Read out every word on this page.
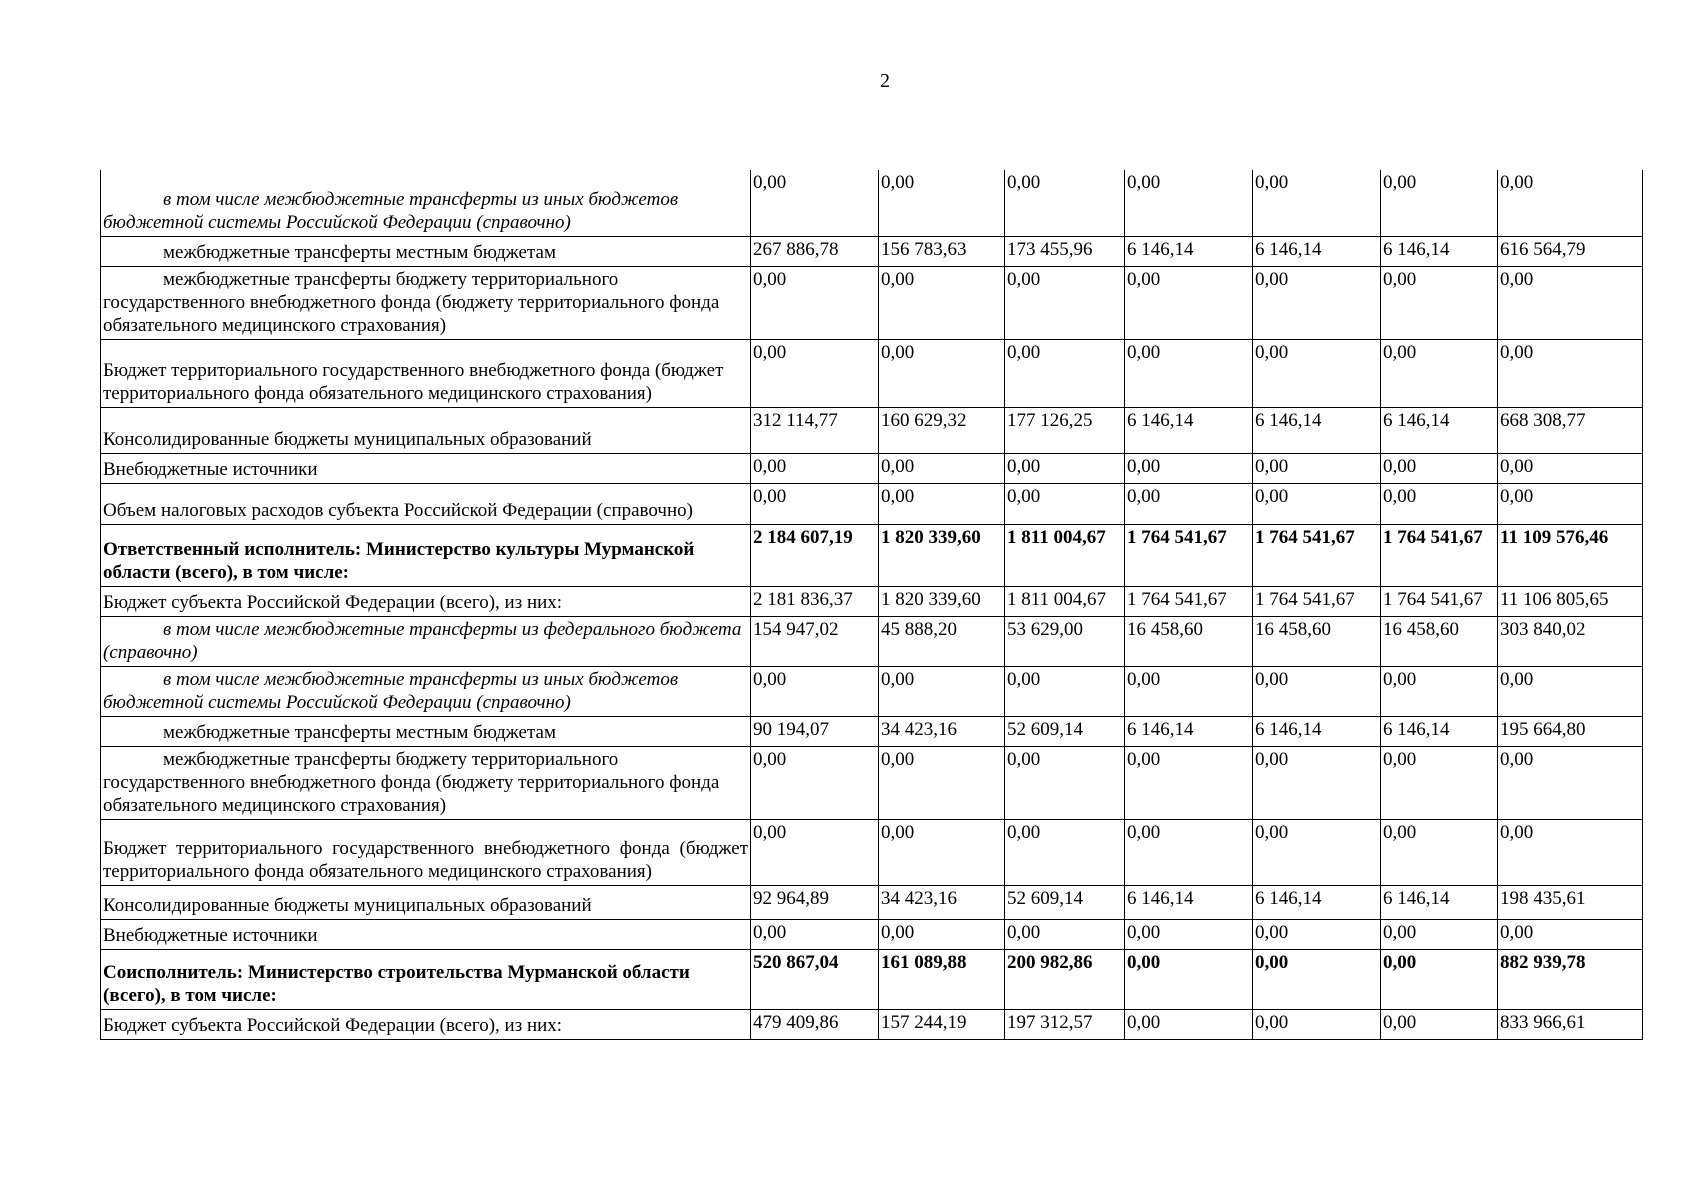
2
в том числе межбюджетные трансферты из иных бюджетов бюджетной системы Российской Федерации (справочно)	0,00	0,00	0,00	0,00	0,00	0,00	0,00
межбюджетные трансферты местным бюджетам	267 886,78	156 783,63	173 455,96	6 146,14	6 146,14	6 146,14	616 564,79
межбюджетные трансферты бюджету территориального государственного внебюджетного фонда (бюджету территориального фонда обязательного медицинского страхования)	0,00	0,00	0,00	0,00	0,00	0,00	0,00
Бюджет территориального государственного внебюджетного фонда (бюджет территориального фонда обязательного медицинского страхования)	0,00	0,00	0,00	0,00	0,00	0,00	0,00
Консолидированные бюджеты муниципальных образований	312 114,77	160 629,32	177 126,25	6 146,14	6 146,14	6 146,14	668 308,77
Внебюджетные источники	0,00	0,00	0,00	0,00	0,00	0,00	0,00
Объем налоговых расходов субъекта Российской Федерации (справочно)	0,00	0,00	0,00	0,00	0,00	0,00	0,00
Ответственный исполнитель: Министерство культуры Мурманской области (всего), в том числе:	2 184 607,19	1 820 339,60	1 811 004,67	1 764 541,67	1 764 541,67	1 764 541,67	11 109 576,46
Бюджет субъекта Российской Федерации (всего), из них:	2 181 836,37	1 820 339,60	1 811 004,67	1 764 541,67	1 764 541,67	1 764 541,67	11 106 805,65
в том числе межбюджетные трансферты из федерального бюджета (справочно)	154 947,02	45 888,20	53 629,00	16 458,60	16 458,60	16 458,60	303 840,02
в том числе межбюджетные трансферты из иных бюджетов бюджетной системы Российской Федерации (справочно)	0,00	0,00	0,00	0,00	0,00	0,00	0,00
межбюджетные трансферты местным бюджетам	90 194,07	34 423,16	52 609,14	6 146,14	6 146,14	6 146,14	195 664,80
межбюджетные трансферты бюджету территориального государственного внебюджетного фонда (бюджету территориального фонда обязательного медицинского страхования)	0,00	0,00	0,00	0,00	0,00	0,00	0,00
Бюджет территориального государственного внебюджетного фонда (бюджет территориального фонда обязательного медицинского страхования)	0,00	0,00	0,00	0,00	0,00	0,00	0,00
Консолидированные бюджеты муниципальных образований	92 964,89	34 423,16	52 609,14	6 146,14	6 146,14	6 146,14	198 435,61
Внебюджетные источники	0,00	0,00	0,00	0,00	0,00	0,00	0,00
Соисполнитель: Министерство строительства Мурманской области (всего), в том числе:	520 867,04	161 089,88	200 982,86	0,00	0,00	0,00	882 939,78
Бюджет субъекта Российской Федерации (всего), из них:	479 409,86	157 244,19	197 312,57	0,00	0,00	0,00	833 966,61
